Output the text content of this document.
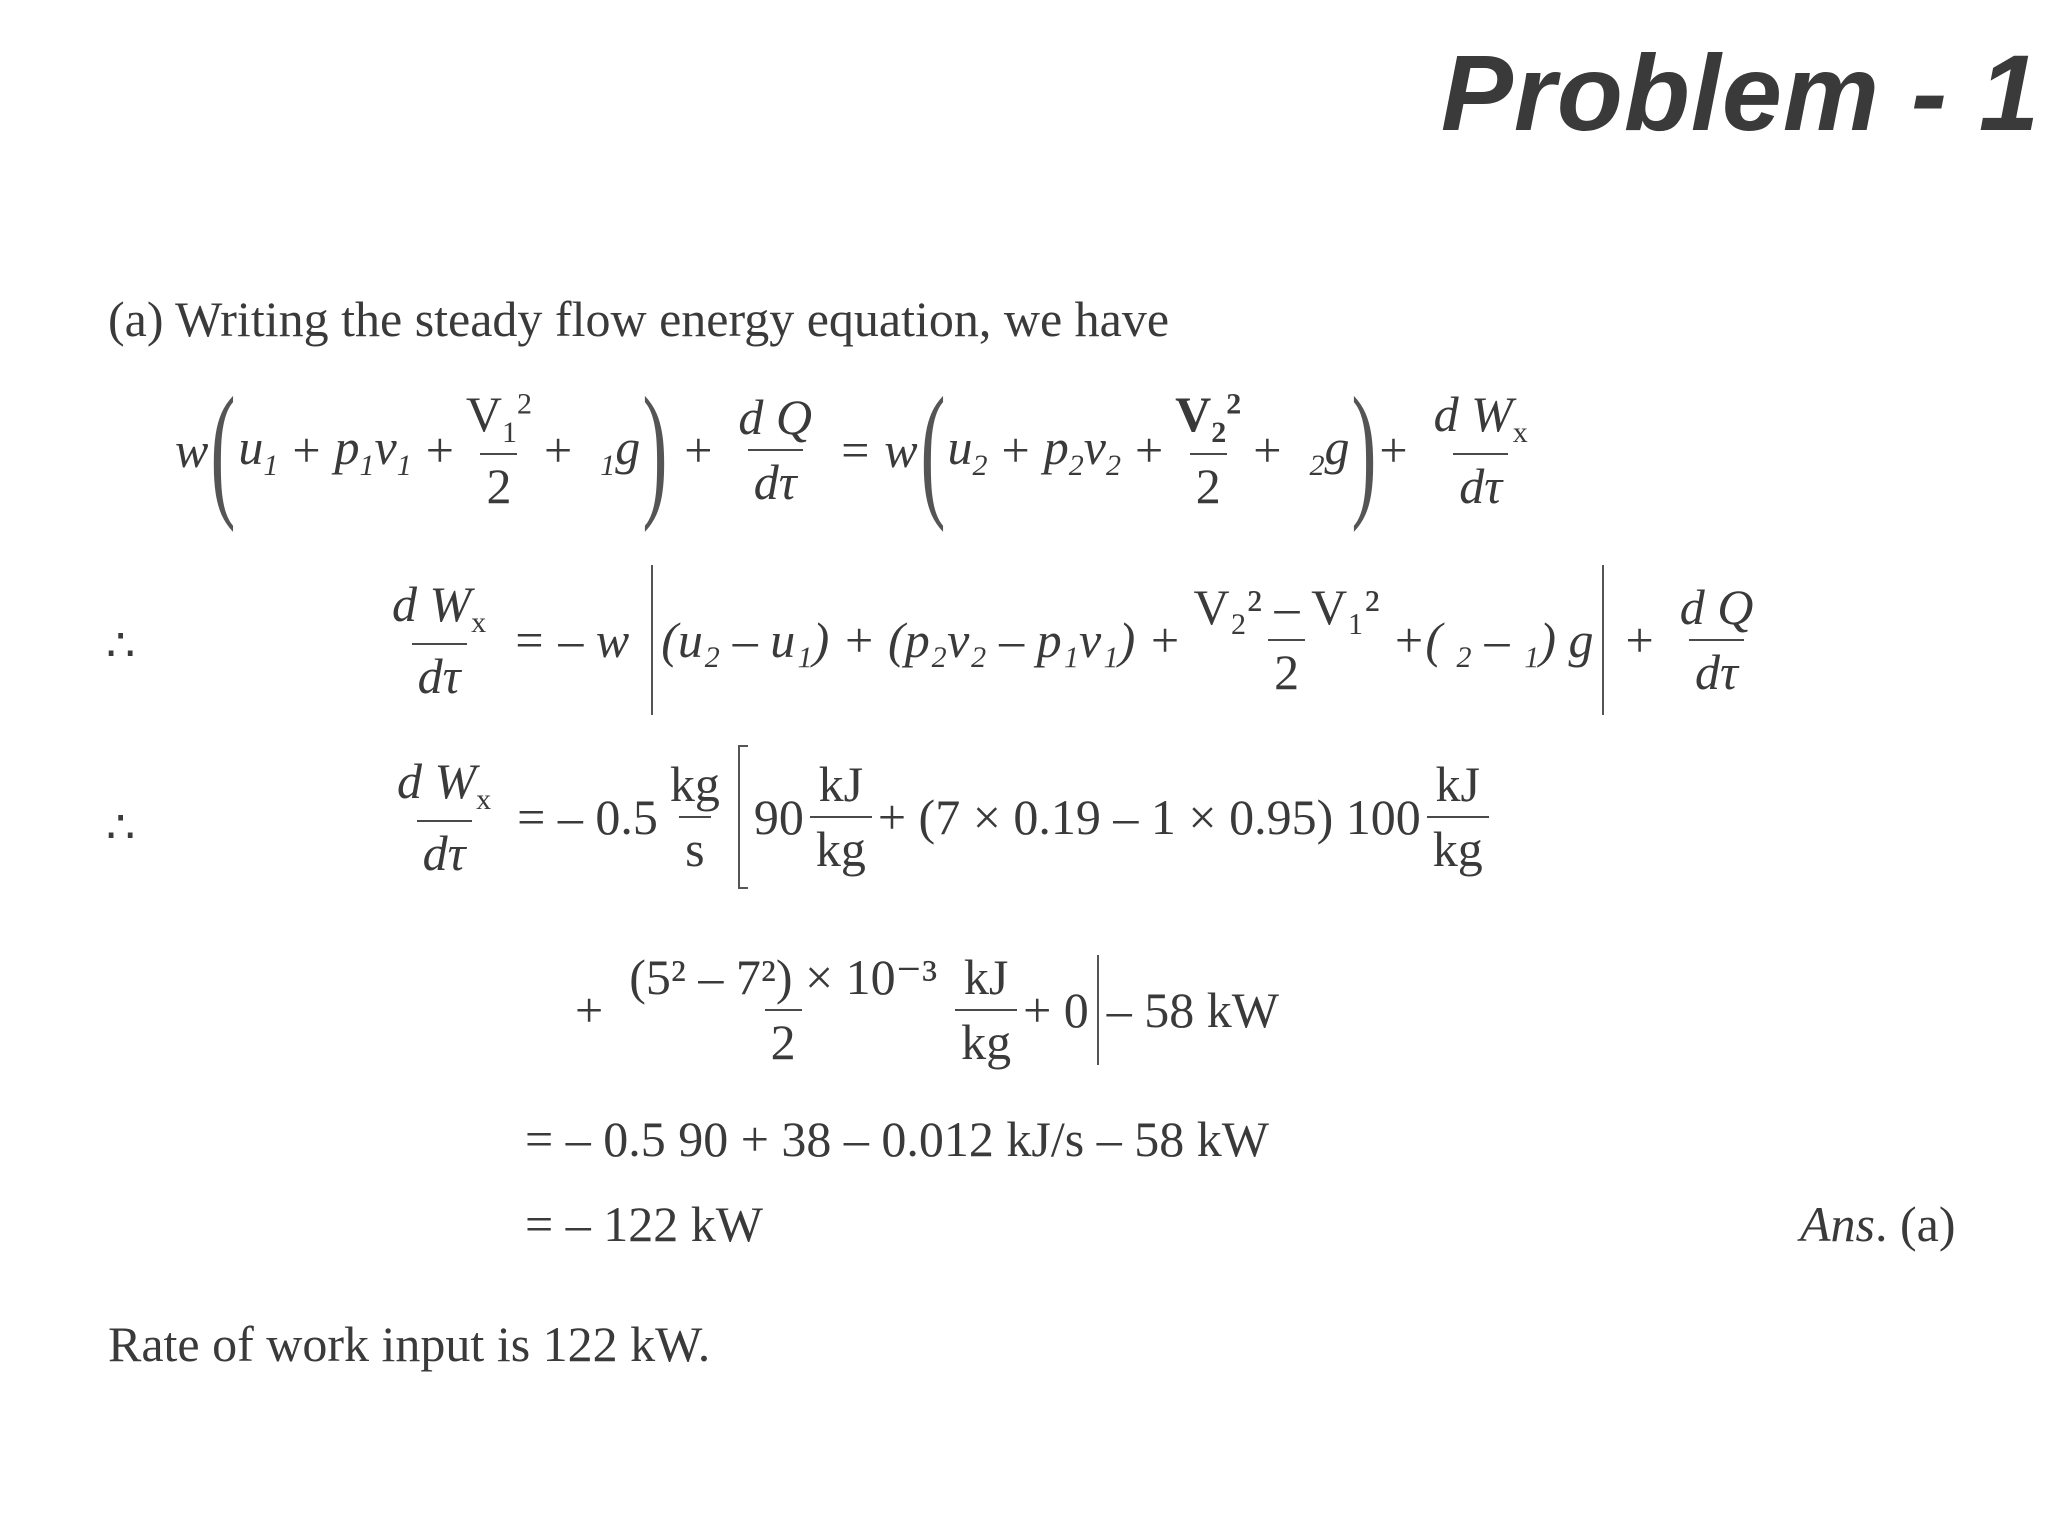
Problem - 1
(a) Writing the steady flow energy equation, we have
w ( $u_1 + p_1\nu_1 + \frac{V_1^2}{2} + _1g$ ) + $\frac{\text{d Q}}{d\tau} = w$ ( $u_2 + p_2\nu_2 + \frac{V_2^2}{2} + _2g$ ) + $\frac{d W_x}{d\tau}$
∴	$\frac{d W_x}{d\tau}$ = – w $(u_2 - u_1) + (p_2\nu_2 - p_1\nu_1) + \frac{\text{V₂² – V₁²}}{2}$ +( ₂ – ₁) $g + \frac{\text{d Q}}{d\tau}$
∴	$\frac{d W_x}{d\tau}$ = – $0.5 \frac{kg}{s} 90 \frac{kJ}{kg} + (7 \times 0.19 - 1 \times 0.95)$ $100 \frac{kJ}{kg}$
+ $\frac{\text{(5² – 7²) × 10⁻³}}{2} \frac{kJ}{kg} + 0 - 58$ kW
= – 0.5 90 + 38 – 0.012 kJ/s – 58 kW
= – 122 kW	Ans. (a)
Rate of work input is 122 kW.
